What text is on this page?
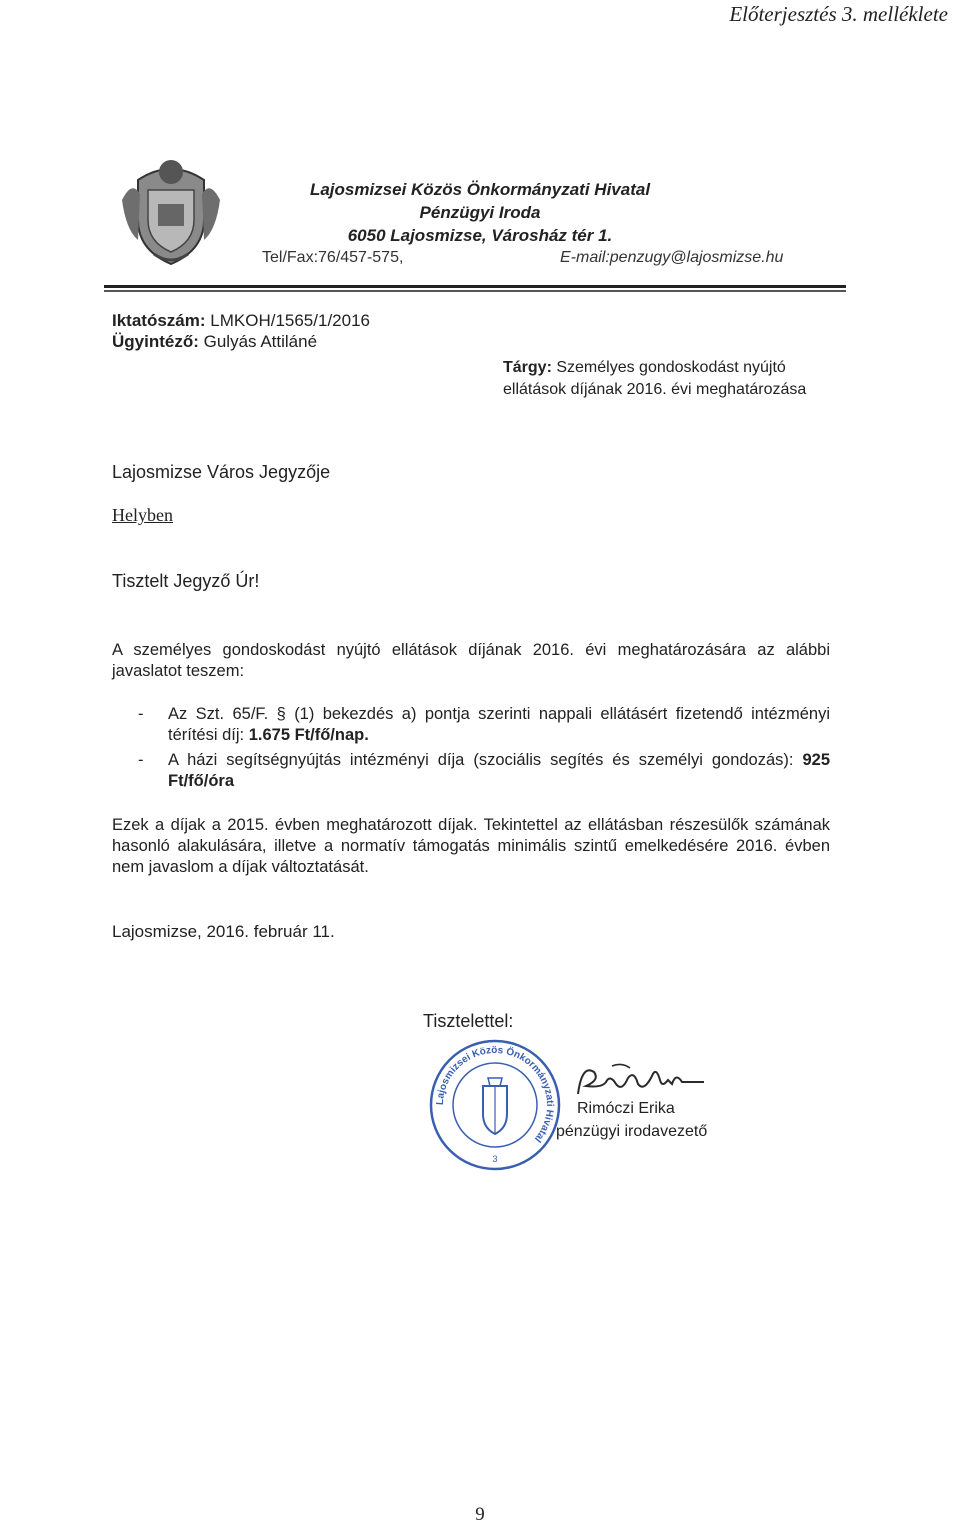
Előterjesztés 3. melléklete
Lajosmizsei Közös Önkormányzati Hivatal
Pénzügyi Iroda
6050 Lajosmizse, Városház tér 1.
Tel/Fax:76/457-575,	E-mail:penzugy@lajosmizse.hu
Iktatószám: LMKOH/1565/1/2016
Ügyintéző: Gulyás Attiláné
Tárgy: Személyes gondoskodást nyújtó ellátások díjának 2016. évi meghatározása
Lajosmizse Város Jegyzője
Helyben
Tisztelt Jegyző Úr!
A személyes gondoskodást nyújtó ellátások díjának 2016. évi meghatározására az alábbi javaslatot teszem:
- Az Szt. 65/F. § (1) bekezdés a) pontja szerinti nappali ellátásért fizetendő intézményi térítési díj: 1.675 Ft/fő/nap.
- A házi segítségnyújtás intézményi díja (szociális segítés és személyi gondozás): 925 Ft/fő/óra
Ezek a díjak a 2015. évben meghatározott díjak. Tekintettel az ellátásban részesülők számának hasonló alakulására, illetve a normatív támogatás minimális szintű emelkedésére 2016. évben nem javaslom a díjak változtatását.
Lajosmizse, 2016. február 11.
Tisztelettel:
Lajosmizsei Közös Önkormányzati Hivatal
3
Rimóczi Erika
pénzügyi irodavezető
9
